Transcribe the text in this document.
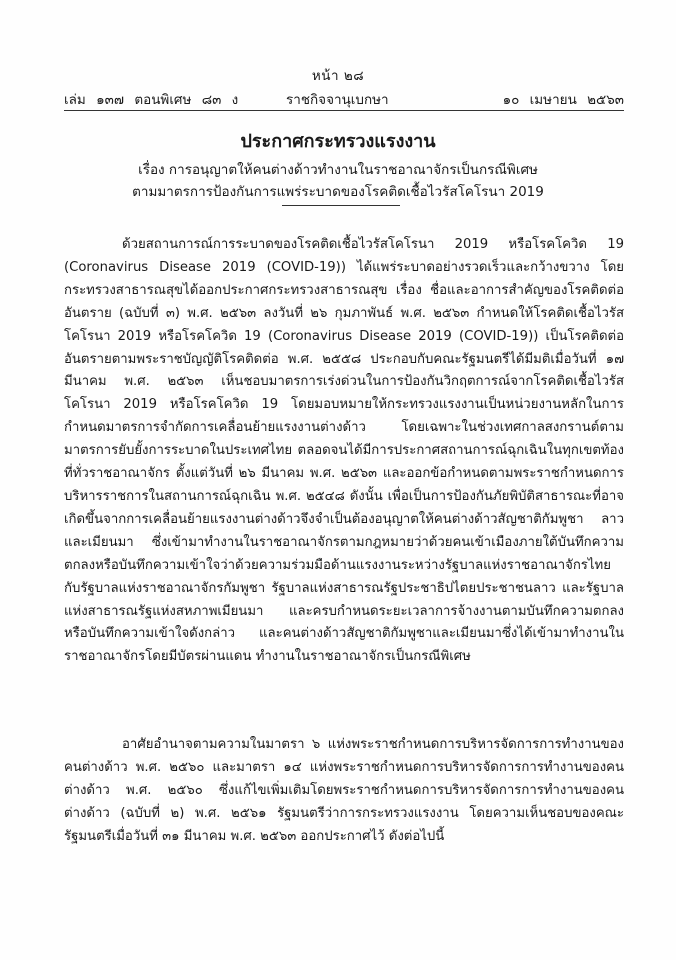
หน้า ๒๘
เล่ม ๑๓๗ ตอนพิเศษ ๘๓ ง	ราชกิจจานุเบกษา	๑๐ เมษายน ๒๕๖๓
ประกาศกระทรวงแรงงาน
เรื่อง การอนุญาตให้คนต่างด้าวทำงานในราชอาณาจักรเป็นกรณีพิเศษ
ตามมาตรการป้องกันการแพร่ระบาดของโรคติดเชื้อไวรัสโคโรนา 2019

ด้วยสถานการณ์การระบาดของโรคติดเชื้อไวรัสโคโรนา 2019 หรือโรคโควิด 19 (Coronavirus Disease 2019 (COVID-19)) ได้แพร่ระบาดอย่างรวดเร็วและกว้างขวาง โดยกระทรวงสาธารณสุขได้ออกประกาศกระทรวงสาธารณสุข เรื่อง ชื่อและอาการสำคัญของโรคติดต่ออันตราย (ฉบับที่ ๓) พ.ศ. ๒๕๖๓ ลงวันที่ ๒๖ กุมภาพันธ์ พ.ศ. ๒๕๖๓ กำหนดให้โรคติดเชื้อไวรัสโคโรนา 2019 หรือโรคโควิด 19 (Coronavirus Disease 2019 (COVID-19)) เป็นโรคติดต่ออันตรายตามพระราชบัญญัติโรคติดต่อ พ.ศ. ๒๕๕๘ ประกอบกับคณะรัฐมนตรีได้มีมติเมื่อวันที่ ๑๗ มีนาคม พ.ศ. ๒๕๖๓ เห็นชอบมาตรการเร่งด่วนในการป้องกันวิกฤตการณ์จากโรคติดเชื้อไวรัสโคโรนา 2019 หรือโรคโควิด 19 โดยมอบหมายให้กระทรวงแรงงานเป็นหน่วยงานหลักในการกำหนดมาตรการจำกัดการเคลื่อนย้ายแรงงานต่างด้าว โดยเฉพาะในช่วงเทศกาลสงกรานต์ตามมาตรการยับยั้งการระบาดในประเทศไทย ตลอดจนได้มีการประกาศสถานการณ์ฉุกเฉินในทุกเขตท้องที่ทั่วราชอาณาจักร ตั้งแต่วันที่ ๒๖ มีนาคม พ.ศ. ๒๕๖๓ และออกข้อกำหนดตามพระราชกำหนดการบริหารราชการในสถานการณ์ฉุกเฉิน พ.ศ. ๒๕๔๘ ดังนั้น เพื่อเป็นการป้องกันภัยพิบัติสาธารณะที่อาจเกิดขึ้นจากการเคลื่อนย้ายแรงงานต่างด้าวจึงจำเป็นต้องอนุญาตให้คนต่างด้าวสัญชาติกัมพูชา ลาว และเมียนมา ซึ่งเข้ามาทำงานในราชอาณาจักรตามกฎหมายว่าด้วยคนเข้าเมืองภายใต้บันทึกความตกลงหรือบันทึกความเข้าใจว่าด้วยความร่วมมือด้านแรงงานระหว่างรัฐบาลแห่งราชอาณาจักรไทยกับรัฐบาลแห่งราชอาณาจักรกัมพูชา รัฐบาลแห่งสาธารณรัฐประชาธิปไตยประชาชนลาว และรัฐบาลแห่งสาธารณรัฐแห่งสหภาพเมียนมา และครบกำหนดระยะเวลาการจ้างงานตามบันทึกความตกลงหรือบันทึกความเข้าใจดังกล่าว และคนต่างด้าวสัญชาติกัมพูชาและเมียนมาซึ่งได้เข้ามาทำงานในราชอาณาจักรโดยมีบัตรผ่านแดน ทำงานในราชอาณาจักรเป็นกรณีพิเศษ

อาศัยอำนาจตามความในมาตรา ๖ แห่งพระราชกำหนดการบริหารจัดการการทำงานของคนต่างด้าว พ.ศ. ๒๕๖๐ และมาตรา ๑๔ แห่งพระราชกำหนดการบริหารจัดการการทำงานของคนต่างด้าว พ.ศ. ๒๕๖๐ ซึ่งแก้ไขเพิ่มเติมโดยพระราชกำหนดการบริหารจัดการการทำงานของคนต่างด้าว (ฉบับที่ ๒) พ.ศ. ๒๕๖๑ รัฐมนตรีว่าการกระทรวงแรงงาน โดยความเห็นชอบของคณะรัฐมนตรีเมื่อวันที่ ๓๑ มีนาคม พ.ศ. ๒๕๖๓ ออกประกาศไว้ ดังต่อไปนี้
